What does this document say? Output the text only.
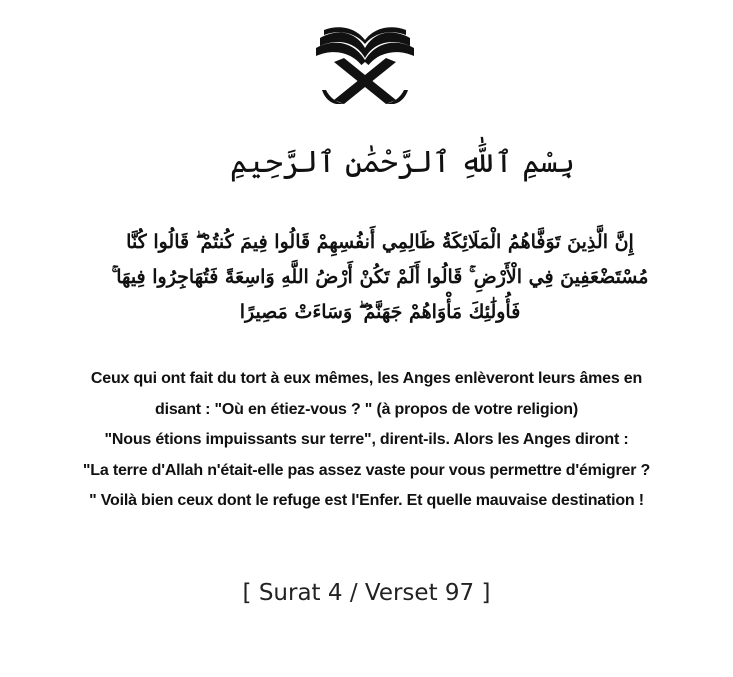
بِسْمِ ٱللَّٰهِ ٱلرَّحْمَٰنِ ٱلرَّحِيمِ
إِنَّ الَّذِينَ تَوَفَّاهُمُ الْمَلَائِكَةُ ظَالِمِي أَنفُسِهِمْ قَالُوا فِيمَ كُنتُمْ ۖ قَالُوا كُنَّا
مُسْتَضْعَفِينَ فِي الْأَرْضِ ۚ قَالُوا أَلَمْ تَكُنْ أَرْضُ اللَّهِ وَاسِعَةً فَتُهَاجِرُوا فِيهَا ۚ
فَأُولَٰئِكَ مَأْوَاهُمْ جَهَنَّمُ ۖ وَسَاءَتْ مَصِيرًا
Ceux qui ont fait du tort à eux mêmes, les Anges enlèveront leurs âmes en
disant : "Où en étiez-vous ? " (à propos de votre religion)
"Nous étions impuissants sur terre", dirent-ils. Alors les Anges diront :
"La terre d'Allah n'était-elle pas assez vaste pour vous permettre d'émigrer ?
" Voilà bien ceux dont le refuge est l'Enfer. Et quelle mauvaise destination !
[ Surat 4 / Verset 97 ]
